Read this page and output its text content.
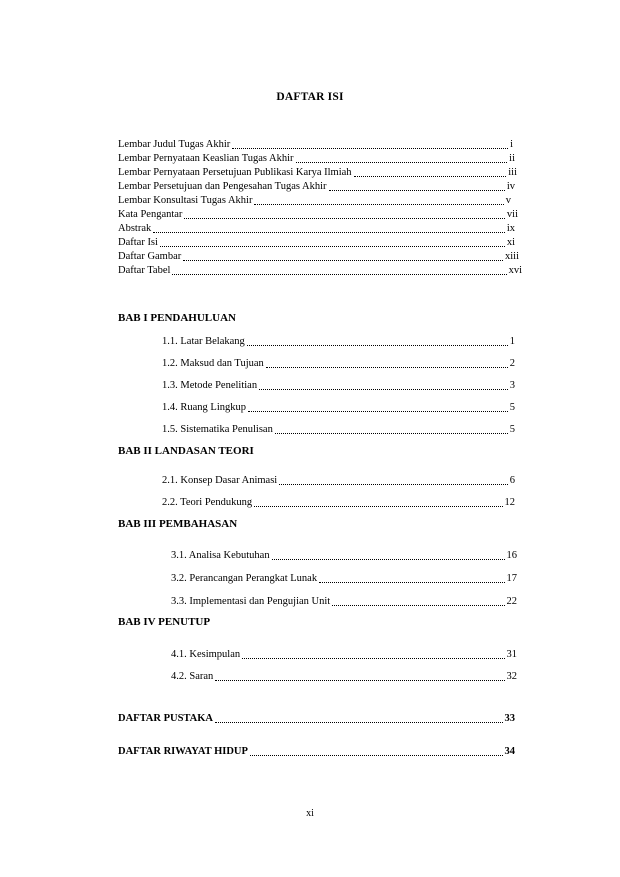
DAFTAR ISI
Lembar Judul Tugas Akhir	i
Lembar Pernyataan Keaslian Tugas Akhir	ii
Lembar Pernyataan Persetujuan Publikasi Karya Ilmiah	iii
Lembar Persetujuan dan Pengesahan Tugas Akhir	iv
Lembar Konsultasi Tugas Akhir	v
Kata Pengantar	vii
Abstrak	ix
Daftar Isi	xi
Daftar Gambar	xiii
Daftar Tabel	xvi
BAB I PENDAHULUAN
1.1. Latar Belakang	1
1.2. Maksud dan Tujuan	2
1.3. Metode Penelitian	3
1.4. Ruang Lingkup	5
1.5. Sistematika Penulisan	5
BAB II LANDASAN TEORI
2.1. Konsep Dasar Animasi	6
2.2. Teori Pendukung	12
BAB III PEMBAHASAN
3.1. Analisa Kebutuhan	16
3.2. Perancangan Perangkat Lunak	17
3.3. Implementasi dan Pengujian Unit	22
BAB IV PENUTUP
4.1. Kesimpulan	31
4.2. Saran	32
DAFTAR PUSTAKA	33
DAFTAR RIWAYAT HIDUP	34
xi
